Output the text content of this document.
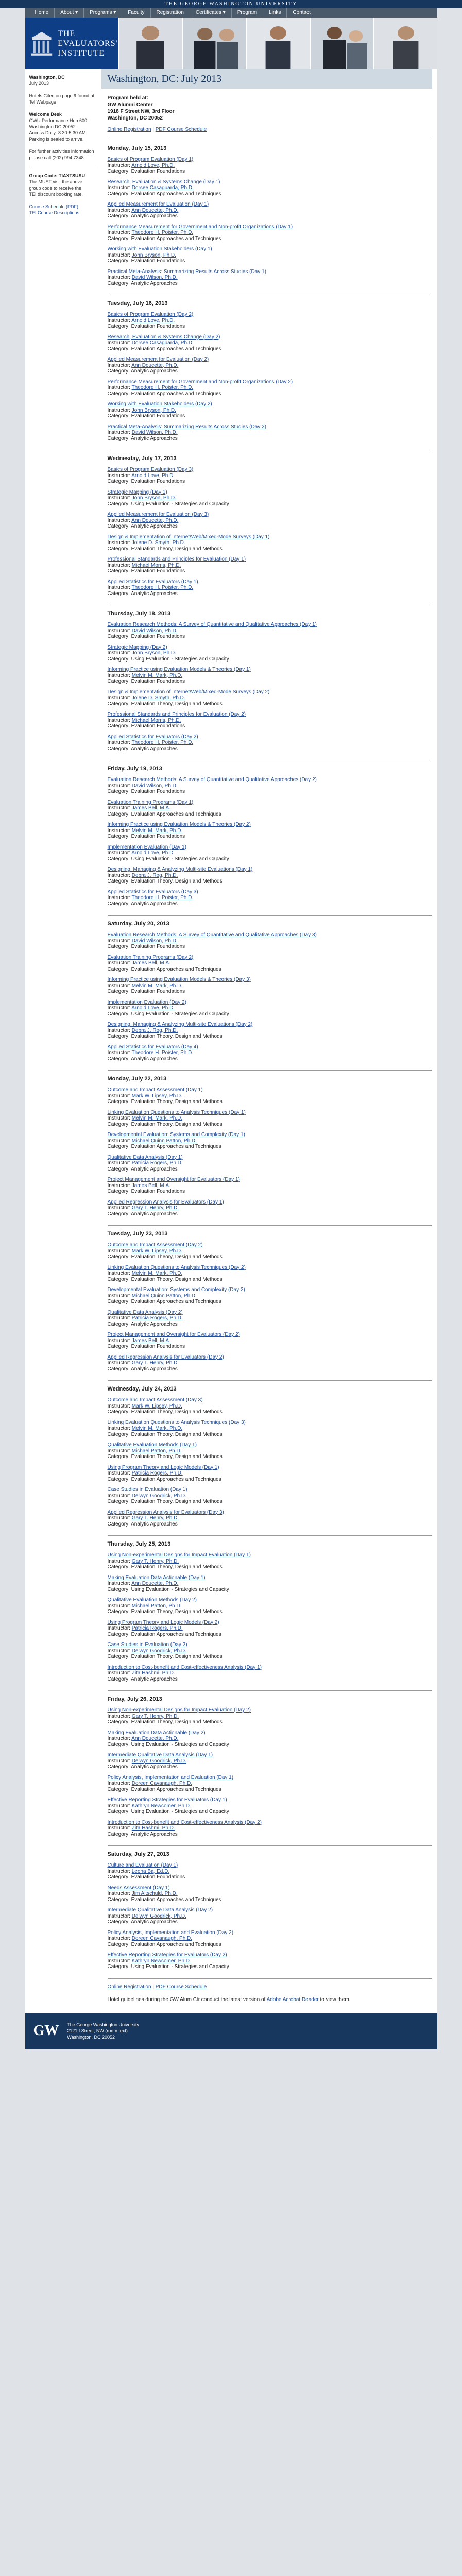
THE GEORGE WASHINGTON UNIVERSITY
Home	About ▾	Programs ▾	Faculty	Registration	Certificates ▾	Program	Links	Contact
THE
EVALUATORS'
INSTITUTE
Washington, DC
July 2013
Hotels Cited on page 9 found at
Tel Webpage
Welcome Desk
GWU Performance Hub 600
Washington DC 20052
Access Daily: 8:30-5:30 AM
Parking is sealed to arrive.
For further activities information
please call (202) 994 7348
Group Code: TIAXTSUSU
The MUST visit the above
group code to receive the
TEI discount booking rate.
Course Schedule (PDF)
TEI Course Descriptions
Washington, DC: July 2013
Program held at:
GW Alumni Center
1918 F Street NW, 3rd Floor
Washington, DC 20052
Online Registration | PDF Course Schedule
Monday, July 15, 2013
Basics of Program Evaluation (Day 1)
Instructor: Arnold Love, Ph.D.
Category: Evaluation Foundations
Research, Evaluation & Systems Change (Day 1)
Instructor: Dorsee Casaguarda, Ph.D.
Category: Evaluation Approaches and Techniques
Applied Measurement for Evaluation (Day 1)
Instructor: Ann Doucette, Ph.D.
Category: Analytic Approaches
Performance Measurement for Government and Non-profit Organizations (Day 1)
Instructor: Theodore H. Poister, Ph.D.
Category: Evaluation Approaches and Techniques
Working with Evaluation Stakeholders (Day 1)
Instructor: John Bryson, Ph.D.
Category: Evaluation Foundations
Practical Meta-Analysis: Summarizing Results Across Studies (Day 1)
Instructor: David Wilson, Ph.D.
Category: Analytic Approaches
Tuesday, July 16, 2013
Basics of Program Evaluation (Day 2)
Instructor: Arnold Love, Ph.D.
Category: Evaluation Foundations
Research, Evaluation & Systems Change (Day 2)
Instructor: Dorsee Casaguarda, Ph.D.
Category: Evaluation Approaches and Techniques
Applied Measurement for Evaluation (Day 2)
Instructor: Ann Doucette, Ph.D.
Category: Analytic Approaches
Performance Measurement for Government and Non-profit Organizations (Day 2)
Instructor: Theodore H. Poister, Ph.D.
Category: Evaluation Approaches and Techniques
Working with Evaluation Stakeholders (Day 2)
Instructor: John Bryson, Ph.D.
Category: Evaluation Foundations
Practical Meta-Analysis: Summarizing Results Across Studies (Day 2)
Instructor: David Wilson, Ph.D.
Category: Analytic Approaches
Wednesday, July 17, 2013
Basics of Program Evaluation (Day 3)
Instructor: Arnold Love, Ph.D.
Category: Evaluation Foundations
Strategic Mapping (Day 1)
Instructor: John Bryson, Ph.D.
Category: Using Evaluation - Strategies and Capacity
Applied Measurement for Evaluation (Day 3)
Instructor: Ann Doucette, Ph.D.
Category: Analytic Approaches
Design & Implementation of Internet/Web/Mixed-Mode Surveys (Day 1)
Instructor: Jolene D. Smyth, Ph.D.
Category: Evaluation Theory, Design and Methods
Professional Standards and Principles for Evaluation (Day 1)
Instructor: Michael Morris, Ph.D.
Category: Evaluation Foundations
Applied Statistics for Evaluators (Day 1)
Instructor: Theodore H. Poister, Ph.D.
Category: Analytic Approaches
Thursday, July 18, 2013
Evaluation Research Methods: A Survey of Quantitative and Qualitative Approaches (Day 1)
Instructor: David Wilson, Ph.D.
Category: Evaluation Foundations
Strategic Mapping (Day 2)
Instructor: John Bryson, Ph.D.
Category: Using Evaluation - Strategies and Capacity
Informing Practice using Evaluation Models & Theories (Day 1)
Instructor: Melvin M. Mark, Ph.D.
Category: Evaluation Foundations
Design & Implementation of Internet/Web/Mixed-Mode Surveys (Day 2)
Instructor: Jolene D. Smyth, Ph.D.
Category: Evaluation Theory, Design and Methods
Professional Standards and Principles for Evaluation (Day 2)
Instructor: Michael Morris, Ph.D.
Category: Evaluation Foundations
Applied Statistics for Evaluators (Day 2)
Instructor: Theodore H. Poister, Ph.D.
Category: Analytic Approaches
Friday, July 19, 2013
Evaluation Research Methods: A Survey of Quantitative and Qualitative Approaches (Day 2)
Instructor: David Wilson, Ph.D.
Category: Evaluation Foundations
Evaluation Training Programs (Day 1)
Instructor: James Bell, M.A.
Category: Evaluation Approaches and Techniques
Informing Practice using Evaluation Models & Theories (Day 2)
Instructor: Melvin M. Mark, Ph.D.
Category: Evaluation Foundations
Implementation Evaluation (Day 1)
Instructor: Arnold Love, Ph.D.
Category: Using Evaluation - Strategies and Capacity
Designing, Managing & Analyzing Multi-site Evaluations (Day 1)
Instructor: Debra J. Rog, Ph.D.
Category: Evaluation Theory, Design and Methods
Applied Statistics for Evaluators (Day 3)
Instructor: Theodore H. Poister, Ph.D.
Category: Analytic Approaches
Saturday, July 20, 2013
Evaluation Research Methods: A Survey of Quantitative and Qualitative Approaches (Day 3)
Instructor: David Wilson, Ph.D.
Category: Evaluation Foundations
Evaluation Training Programs (Day 2)
Instructor: James Bell, M.A.
Category: Evaluation Approaches and Techniques
Informing Practice using Evaluation Models & Theories (Day 3)
Instructor: Melvin M. Mark, Ph.D.
Category: Evaluation Foundations
Implementation Evaluation (Day 2)
Instructor: Arnold Love, Ph.D.
Category: Using Evaluation - Strategies and Capacity
Designing, Managing & Analyzing Multi-site Evaluations (Day 2)
Instructor: Debra J. Rog, Ph.D.
Category: Evaluation Theory, Design and Methods
Applied Statistics for Evaluators (Day 4)
Instructor: Theodore H. Poister, Ph.D.
Category: Analytic Approaches
Monday, July 22, 2013
Outcome and Impact Assessment (Day 1)
Instructor: Mark W. Lipsey, Ph.D.
Category: Evaluation Theory, Design and Methods
Linking Evaluation Questions to Analysis Techniques (Day 1)
Instructor: Melvin M. Mark, Ph.D.
Category: Evaluation Theory, Design and Methods
Developmental Evaluation: Systems and Complexity (Day 1)
Instructor: Michael Quinn Patton, Ph.D.
Category: Evaluation Approaches and Techniques
Qualitative Data Analysis (Day 1)
Instructor: Patricia Rogers, Ph.D.
Category: Analytic Approaches
Project Management and Oversight for Evaluators (Day 1)
Instructor: James Bell, M.A.
Category: Evaluation Foundations
Applied Regression Analysis for Evaluators (Day 1)
Instructor: Gary T. Henry, Ph.D.
Category: Analytic Approaches
Tuesday, July 23, 2013
Outcome and Impact Assessment (Day 2)
Instructor: Mark W. Lipsey, Ph.D.
Category: Evaluation Theory, Design and Methods
Linking Evaluation Questions to Analysis Techniques (Day 2)
Instructor: Melvin M. Mark, Ph.D.
Category: Evaluation Theory, Design and Methods
Developmental Evaluation: Systems and Complexity (Day 2)
Instructor: Michael Quinn Patton, Ph.D.
Category: Evaluation Approaches and Techniques
Qualitative Data Analysis (Day 2)
Instructor: Patricia Rogers, Ph.D.
Category: Analytic Approaches
Project Management and Oversight for Evaluators (Day 2)
Instructor: James Bell, M.A.
Category: Evaluation Foundations
Applied Regression Analysis for Evaluators (Day 2)
Instructor: Gary T. Henry, Ph.D.
Category: Analytic Approaches
Wednesday, July 24, 2013
Outcome and Impact Assessment (Day 3)
Instructor: Mark W. Lipsey, Ph.D.
Category: Evaluation Theory, Design and Methods
Linking Evaluation Questions to Analysis Techniques (Day 3)
Instructor: Melvin M. Mark, Ph.D.
Category: Evaluation Theory, Design and Methods
Qualitative Evaluation Methods (Day 1)
Instructor: Michael Patton, Ph.D.
Category: Evaluation Theory, Design and Methods
Using Program Theory and Logic Models (Day 1)
Instructor: Patricia Rogers, Ph.D.
Category: Evaluation Approaches and Techniques
Case Studies in Evaluation (Day 1)
Instructor: Delwyn Goodrick, Ph.D.
Category: Evaluation Theory, Design and Methods
Applied Regression Analysis for Evaluators (Day 3)
Instructor: Gary T. Henry, Ph.D.
Category: Analytic Approaches
Thursday, July 25, 2013
Using Non-experimental Designs for Impact Evaluation (Day 1)
Instructor: Gary T. Henry, Ph.D.
Category: Evaluation Theory, Design and Methods
Making Evaluation Data Actionable (Day 1)
Instructor: Ann Doucette, Ph.D.
Category: Using Evaluation - Strategies and Capacity
Qualitative Evaluation Methods (Day 2)
Instructor: Michael Patton, Ph.D.
Category: Evaluation Theory, Design and Methods
Using Program Theory and Logic Models (Day 2)
Instructor: Patricia Rogers, Ph.D.
Category: Evaluation Approaches and Techniques
Case Studies in Evaluation (Day 2)
Instructor: Delwyn Goodrick, Ph.D.
Category: Evaluation Theory, Design and Methods
Introduction to Cost-benefit and Cost-effectiveness Analysis (Day 1)
Instructor: Zita Hashmi, Ph.D.
Category: Analytic Approaches
Friday, July 26, 2013
Using Non-experimental Designs for Impact Evaluation (Day 2)
Instructor: Gary T. Henry, Ph.D.
Category: Evaluation Theory, Design and Methods
Making Evaluation Data Actionable (Day 2)
Instructor: Ann Doucette, Ph.D.
Category: Using Evaluation - Strategies and Capacity
Intermediate Qualitative Data Analysis (Day 1)
Instructor: Delwyn Goodrick, Ph.D.
Category: Analytic Approaches
Policy Analysis, Implementation and Evaluation (Day 1)
Instructor: Doreen Cavanaugh, Ph.D.
Category: Evaluation Approaches and Techniques
Effective Reporting Strategies for Evaluators (Day 1)
Instructor: Kathryn Newcomer, Ph.D.
Category: Using Evaluation - Strategies and Capacity
Introduction to Cost-benefit and Cost-effectiveness Analysis (Day 2)
Instructor: Zita Hashmi, Ph.D.
Category: Analytic Approaches
Saturday, July 27, 2013
Culture and Evaluation (Day 1)
Instructor: Leona Ba, Ed.D.
Category: Evaluation Foundations
Needs Assessment (Day 1)
Instructor: Jim Altschuld, Ph.D.
Category: Evaluation Approaches and Techniques
Intermediate Qualitative Data Analysis (Day 2)
Instructor: Delwyn Goodrick, Ph.D.
Category: Analytic Approaches
Policy Analysis, Implementation and Evaluation (Day 2)
Instructor: Doreen Cavanaugh, Ph.D.
Category: Evaluation Approaches and Techniques
Effective Reporting Strategies for Evaluators (Day 2)
Instructor: Kathryn Newcomer, Ph.D.
Category: Using Evaluation - Strategies and Capacity
Online Registration | PDF Course Schedule
Hotel guidelines during the GW Alum Ctr conduct the latest version of Adobe Acrobat Reader to view them.
GW The George Washington University
2121 I Street, NW (room text)
Washington, DC 20052
